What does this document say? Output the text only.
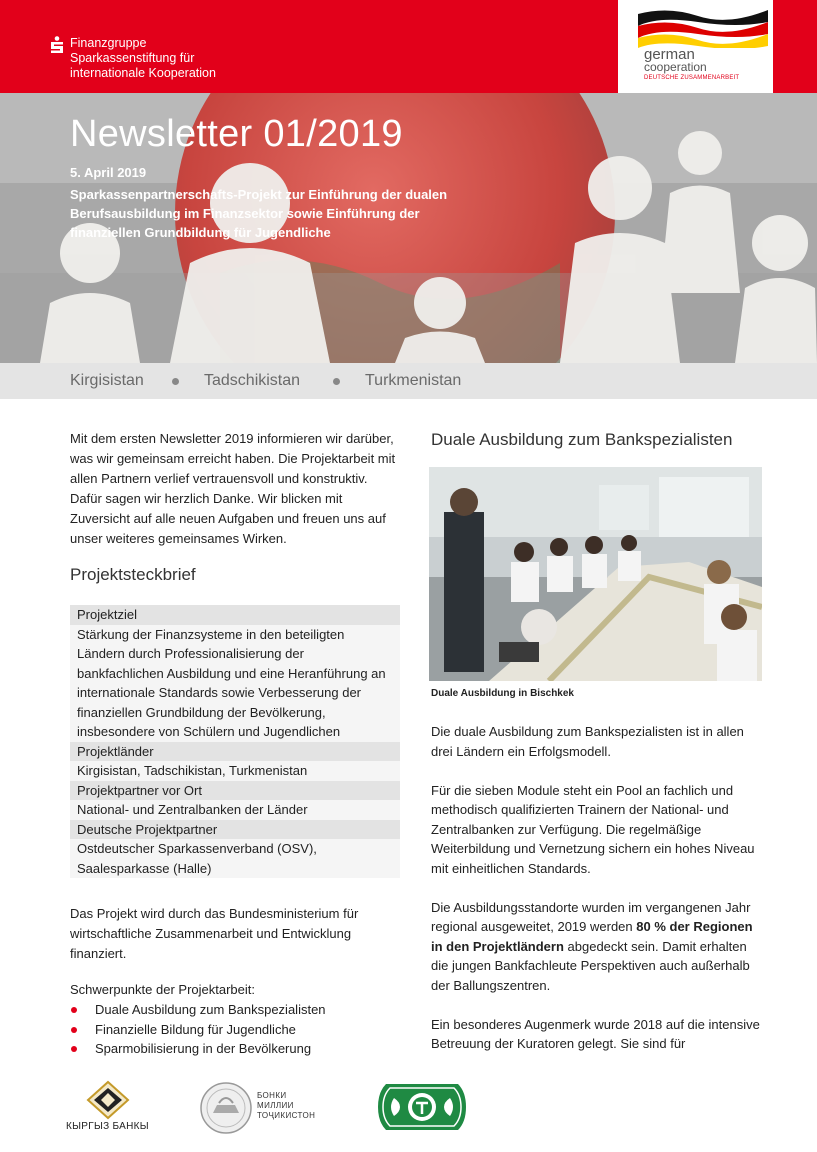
Finanzgruppe
Sparkassenstiftung für
internationale Kooperation
german
cooperation
DEUTSCHE ZUSAMMENARBEIT
Newsletter 01/2019
5. April 2019
Sparkassenpartnerschafts-Projekt zur Einführung der dualen Berufsausbildung im Finanzsektor sowie Einführung der finanziellen Grundbildung für Jugendliche
Kirgisistan	Tadschikistan	Turkmenistan
Mit dem ersten Newsletter 2019 informieren wir darüber, was wir gemeinsam erreicht haben. Die Projektarbeit mit allen Partnern verlief vertrauensvoll und konstruktiv. Dafür sagen wir herzlich Danke. Wir blicken mit Zuversicht auf alle neuen Aufgaben und freuen uns auf unser weiteres gemeinsames Wirken.
Projektsteckbrief
Projektziel
Stärkung der Finanzsysteme in den beteiligten Ländern durch Professionalisierung der bankfachlichen Ausbildung und eine Heranführung an internationale Standards sowie Verbesserung der finanziellen Grundbildung der Bevölkerung, insbesondere von Schülern und Jugendlichen
Projektländer
Kirgisistan, Tadschikistan, Turkmenistan
Projektpartner vor Ort
National- und Zentralbanken der Länder
Deutsche Projektpartner
Ostdeutscher Sparkassenverband (OSV), Saalesparkasse (Halle)
Das Projekt wird durch das Bundesministerium für wirtschaftliche Zusammenarbeit und Entwicklung finanziert.
Schwerpunkte der Projektarbeit:
Duale Ausbildung zum Bankspezialisten
Finanzielle Bildung für Jugendliche
Sparmobilisierung in der Bevölkerung
Duale Ausbildung zum Bankspezialisten
Duale Ausbildung in Bischkek

Die duale Ausbildung zum Bankspezialisten ist in allen drei Ländern ein Erfolgsmodell.

Für die sieben Module steht ein Pool an fachlich und methodisch qualifizierten Trainern der National- und Zentralbanken zur Verfügung. Die regelmäßige Weiterbildung und Vernetzung sichern ein hohes Niveau mit einheitlichen Standards.

Die Ausbildungsstandorte wurden im vergangenen Jahr regional ausgeweitet, 2019 werden 80 % der Regionen in den Projektländern abgedeckt sein. Damit erhalten die jungen Bankfachleute Perspektiven auch außerhalb der Ballungszentren.

Ein besonderes Augenmerk wurde 2018 auf die intensive Betreuung der Kuratoren gelegt. Sie sind für

КЫРГЫЗ БАНКЫ
БОНКИ
МИЛЛИИ
ТОҶИКИСТОН
